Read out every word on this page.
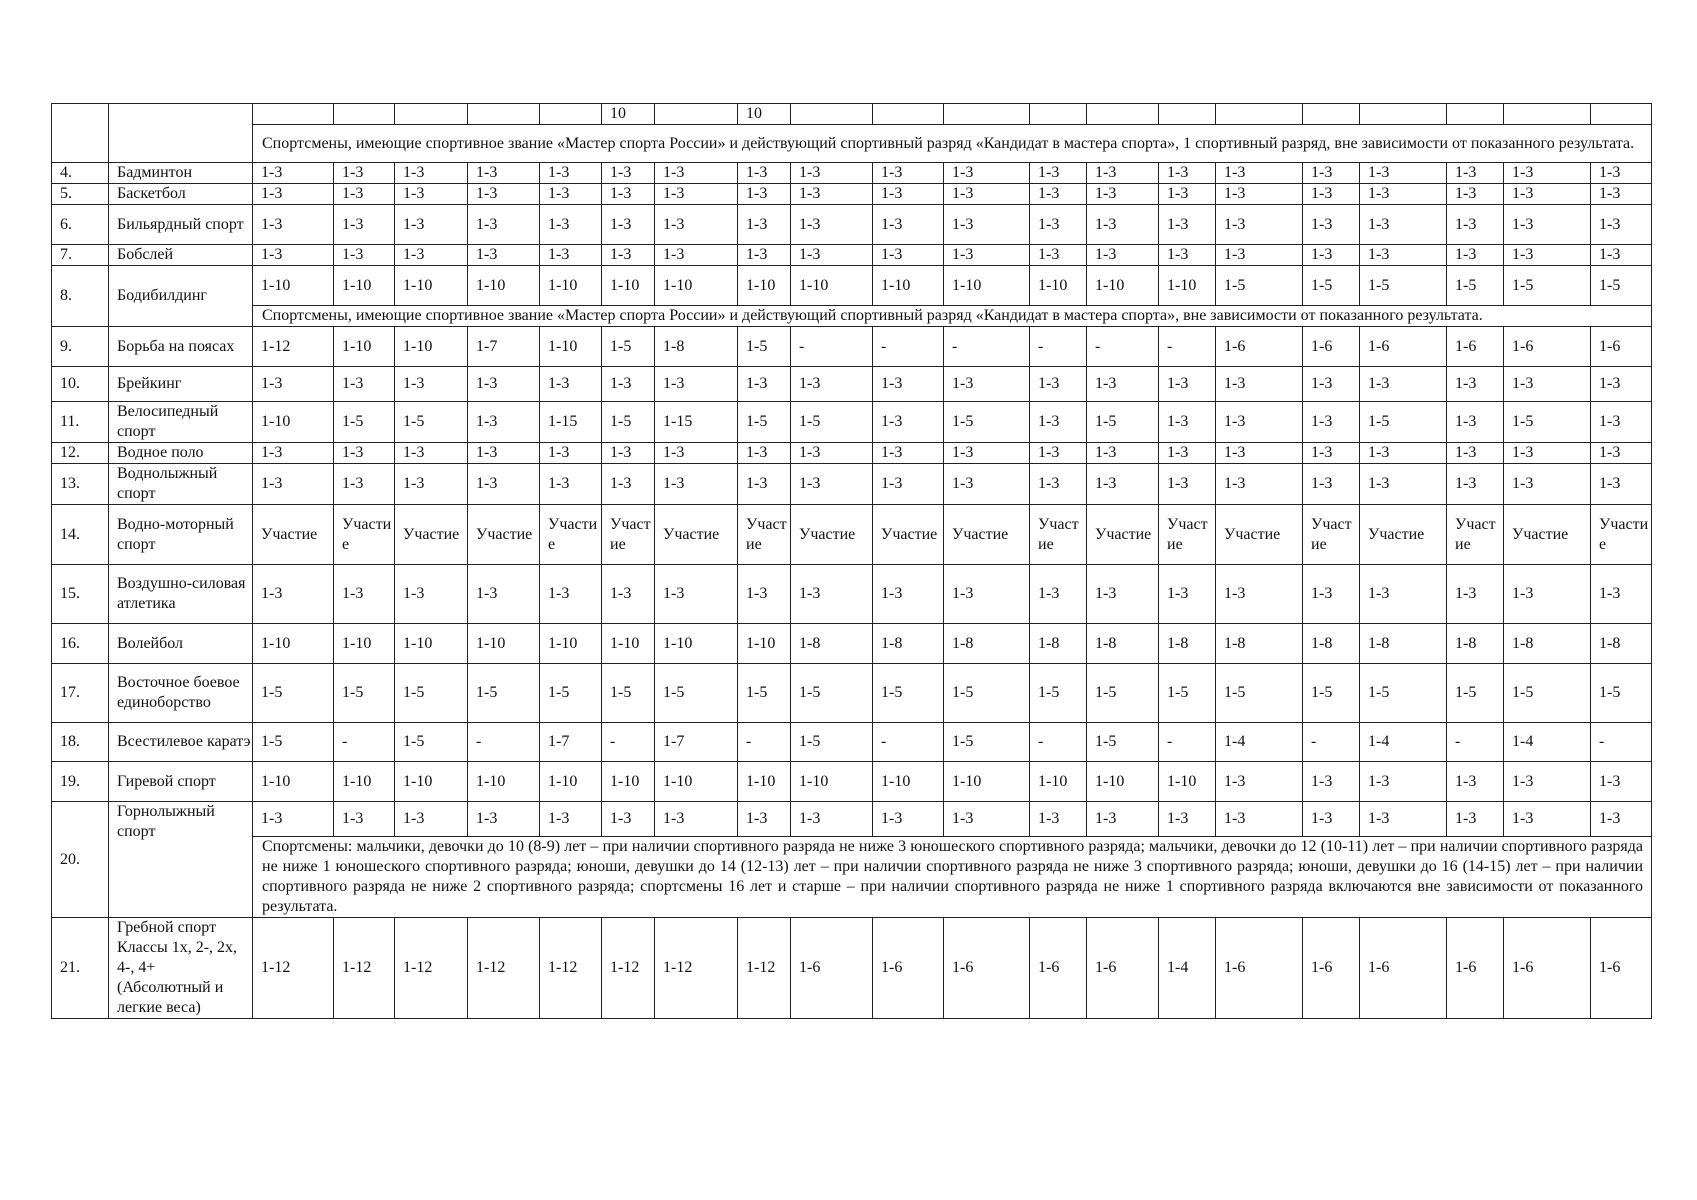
							10		10												
		Спортсмены, имеющие спортивное звание «Мастер спорта России» и действующий спортивный разряд «Кандидат в мастера спорта», 1 спортивный разряд, вне зависимости от показанного результата.																			
4.	Бадминтон	1-3	1-3	1-3	1-3	1-3	1-3	1-3	1-3	1-3	1-3	1-3	1-3	1-3	1-3	1-3	1-3	1-3	1-3	1-3	1-3
5.	Баскетбол	1-3	1-3	1-3	1-3	1-3	1-3	1-3	1-3	1-3	1-3	1-3	1-3	1-3	1-3	1-3	1-3	1-3	1-3	1-3	1-3
6.	Бильярдный спорт	1-3	1-3	1-3	1-3	1-3	1-3	1-3	1-3	1-3	1-3	1-3	1-3	1-3	1-3	1-3	1-3	1-3	1-3	1-3	1-3
7.	Бобслей	1-3	1-3	1-3	1-3	1-3	1-3	1-3	1-3	1-3	1-3	1-3	1-3	1-3	1-3	1-3	1-3	1-3	1-3	1-3	1-3
8.	Бодибилдинг	1-10	1-10	1-10	1-10	1-10	1-10	1-10	1-10	1-10	1-10	1-10	1-10	1-10	1-10	1-5	1-5	1-5	1-5	1-5	1-5
		Спортсмены, имеющие спортивное звание «Мастер спорта России» и действующий спортивный разряд «Кандидат в мастера спорта», вне зависимости от показанного результата.																			
9.	Борьба на поясах	1-12	1-10	1-10	1-7	1-10	1-5	1-8	1-5	-	-	-	-	-	-	1-6	1-6	1-6	1-6	1-6	1-6
10.	Брейкинг	1-3	1-3	1-3	1-3	1-3	1-3	1-3	1-3	1-3	1-3	1-3	1-3	1-3	1-3	1-3	1-3	1-3	1-3	1-3	1-3
11.	Велосипедный спорт	1-10	1-5	1-5	1-3	1-15	1-5	1-15	1-5	1-5	1-3	1-5	1-3	1-5	1-3	1-3	1-3	1-5	1-3	1-5	1-3
12.	Водное поло	1-3	1-3	1-3	1-3	1-3	1-3	1-3	1-3	1-3	1-3	1-3	1-3	1-3	1-3	1-3	1-3	1-3	1-3	1-3	1-3
13.	Воднолыжный спорт	1-3	1-3	1-3	1-3	1-3	1-3	1-3	1-3	1-3	1-3	1-3	1-3	1-3	1-3	1-3	1-3	1-3	1-3	1-3	1-3
14.	Водно-моторный спорт	Участие	Участие	Участие	Участие	Участие	Участие	Участие	Участие	Участие	Участие	Участие	Участие	Участие	Участие	Участие	Участие	Участие	Участие	Участие	Участие
15.	Воздушно-силовая атлетика	1-3	1-3	1-3	1-3	1-3	1-3	1-3	1-3	1-3	1-3	1-3	1-3	1-3	1-3	1-3	1-3	1-3	1-3	1-3	1-3
16.	Волейбол	1-10	1-10	1-10	1-10	1-10	1-10	1-10	1-10	1-8	1-8	1-8	1-8	1-8	1-8	1-8	1-8	1-8	1-8	1-8	1-8
17.	Восточное боевое единоборство	1-5	1-5	1-5	1-5	1-5	1-5	1-5	1-5	1-5	1-5	1-5	1-5	1-5	1-5	1-5	1-5	1-5	1-5	1-5	1-5
18.	Всестилевое каратэ	1-5	-	1-5	-	1-7	-	1-7	-	1-5	-	1-5	-	1-5	-	1-4	-	1-4	-	1-4	-
19.	Гиревой спорт	1-10	1-10	1-10	1-10	1-10	1-10	1-10	1-10	1-10	1-10	1-10	1-10	1-10	1-10	1-3	1-3	1-3	1-3	1-3	1-3
20.	Горнолыжный спорт	1-3	1-3	1-3	1-3	1-3	1-3	1-3	1-3	1-3	1-3	1-3	1-3	1-3	1-3	1-3	1-3	1-3	1-3	1-3	1-3
		Спортсмены: мальчики, девочки до 10 (8-9) лет – при наличии спортивного разряда не ниже 3 юношеского спортивного разряда; мальчики, девочки до 12 (10-11) лет – при наличии спортивного разряда не ниже 1 юношеского спортивного разряда; юноши, девушки до 14 (12-13) лет – при наличии спортивного разряда не ниже 3 спортивного разряда; юноши, девушки до 16 (14-15) лет – при наличии спортивного разряда не ниже 2 спортивного разряда; спортсмены 16 лет и старше – при наличии спортивного разряда не ниже 1 спортивного разряда включаются вне зависимости от показанного результата.																			
21.	Гребной спорт Классы 1х, 2-, 2х, 4-, 4+ (Абсолютный и легкие веса)	1-12	1-12	1-12	1-12	1-12	1-12	1-12	1-12	1-6	1-6	1-6	1-6	1-6	1-4	1-6	1-6	1-6	1-6	1-6	1-6
